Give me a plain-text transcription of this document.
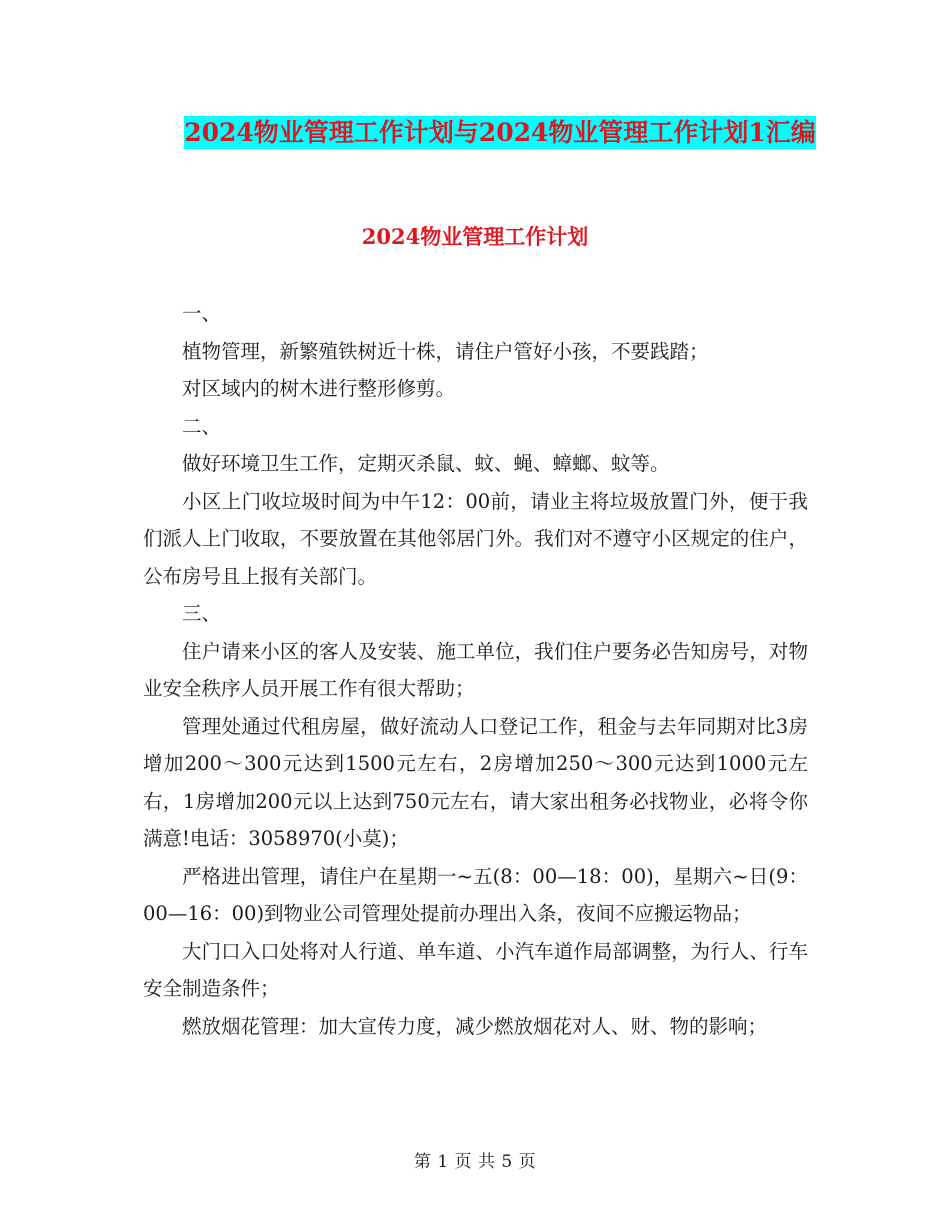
2024物业管理工作计划与2024物业管理工作计划1汇编
2024物业管理工作计划

一、

植物管理，新繁殖铁树近十株，请住户管好小孩，不要践踏；

对区域内的树木进行整形修剪。

二、

做好环境卫生工作，定期灭杀鼠、蚊、蝇、蟑螂、蚊等。

小区上门收垃圾时间为中午12：00前，请业主将垃圾放置门外，便于我们派人上门收取，不要放置在其他邻居门外。我们对不遵守小区规定的住户，公布房号且上报有关部门。

三、

住户请来小区的客人及安装、施工单位，我们住户要务必告知房号，对物业安全秩序人员开展工作有很大帮助；

管理处通过代租房屋，做好流动人口登记工作，租金与去年同期对比3房增加200～300元达到1500元左右，2房增加250～300元达到1000元左右，1房增加200元以上达到750元左右，请大家出租务必找物业，必将令你满意!电话：3058970(小莫)；

严格进出管理，请住户在星期一~五(8：00—18：00)，星期六~日(9：00—16：00)到物业公司管理处提前办理出入条，夜间不应搬运物品；

大门口入口处将对人行道、单车道、小汽车道作局部调整，为行人、行车安全制造条件；

燃放烟花管理：加大宣传力度，减少燃放烟花对人、财、物的影响；

第 1 页 共 5 页
